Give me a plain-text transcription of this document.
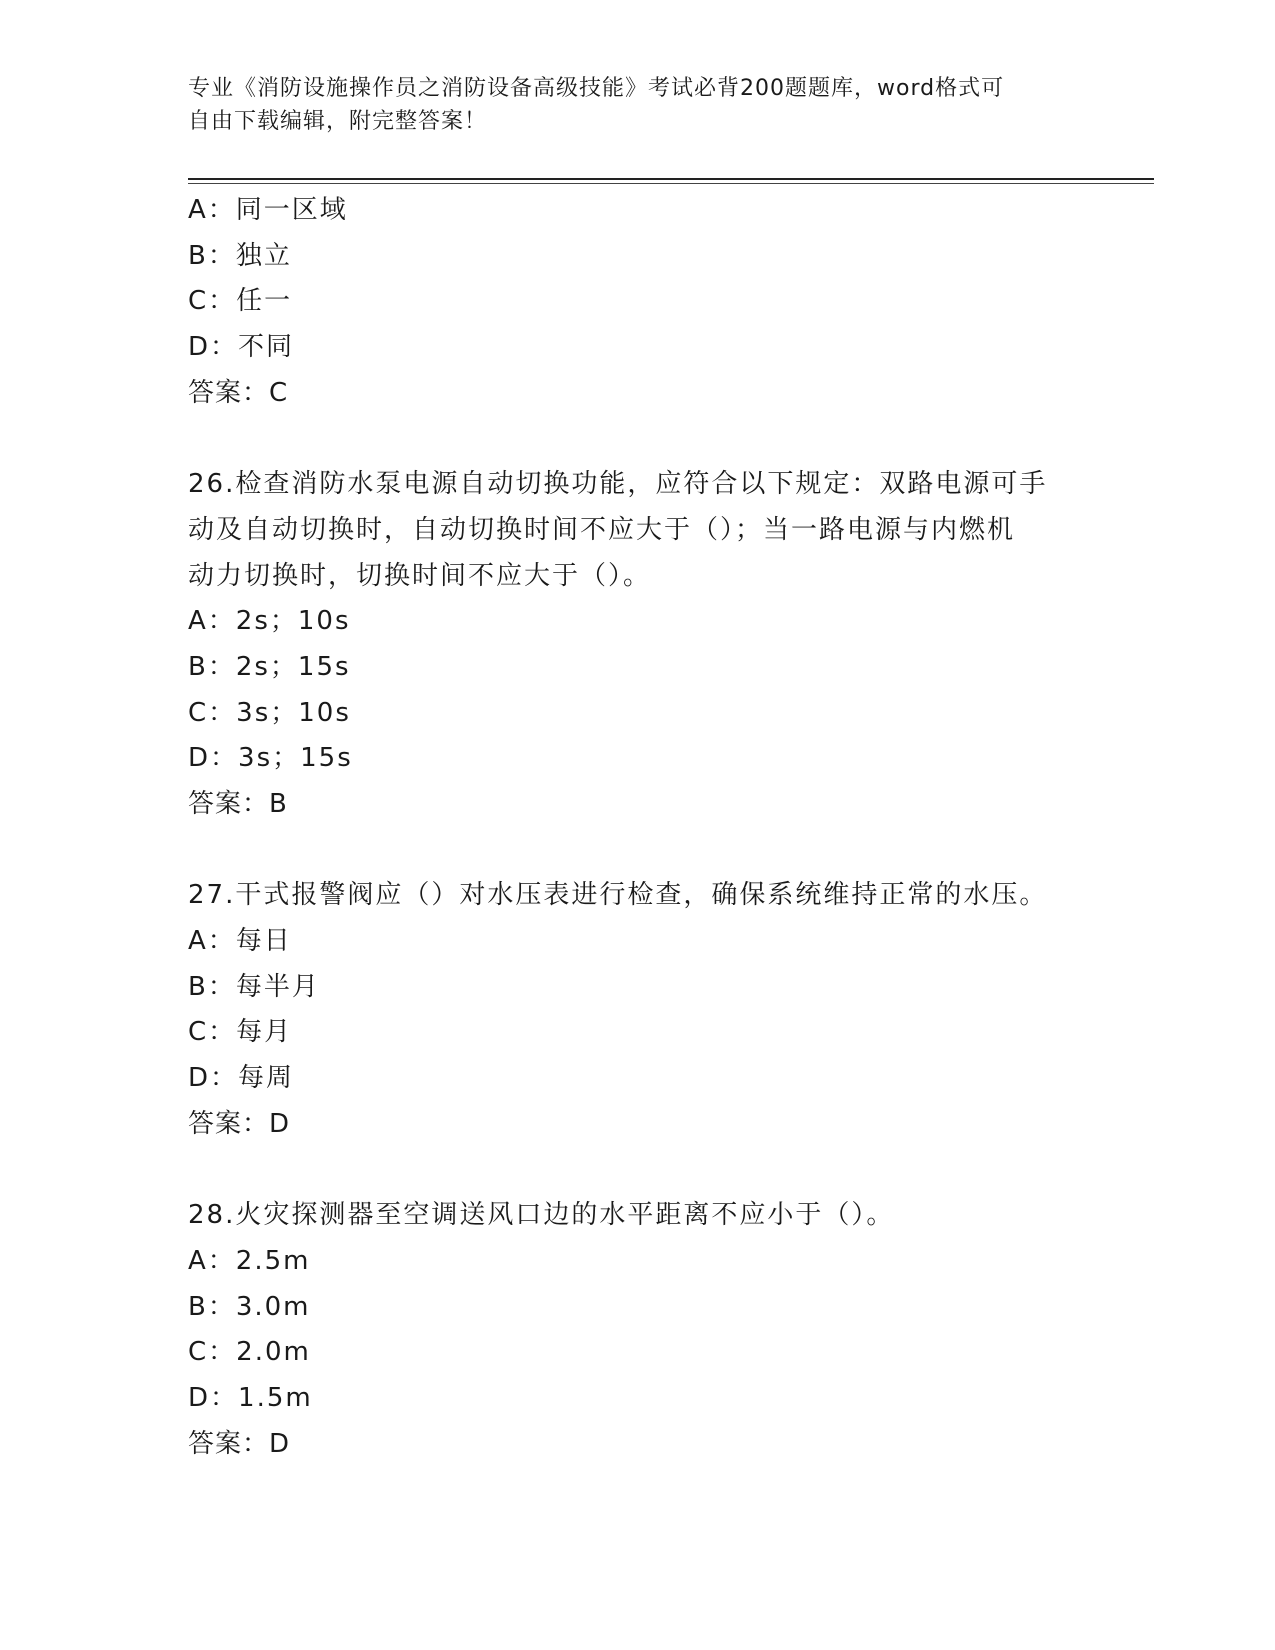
专业《消防设施操作员之消防设备高级技能》考试必背200题题库，word格式可
自由下载编辑，附完整答案！
A：同一区域
B：独立
C：任一
D：不同
答案：C
26.检查消防水泵电源自动切换功能，应符合以下规定：双路电源可手
动及自动切换时，自动切换时间不应大于（）；当一路电源与内燃机
动力切换时，切换时间不应大于（）。
A：2s；10s
B：2s；15s
C：3s；10s
D：3s；15s
答案：B
27.干式报警阀应（）对水压表进行检查，确保系统维持正常的水压。
A：每日
B：每半月
C：每月
D：每周
答案：D
28.火灾探测器至空调送风口边的水平距离不应小于（）。
A：2.5m
B：3.0m
C：2.0m
D：1.5m
答案：D
